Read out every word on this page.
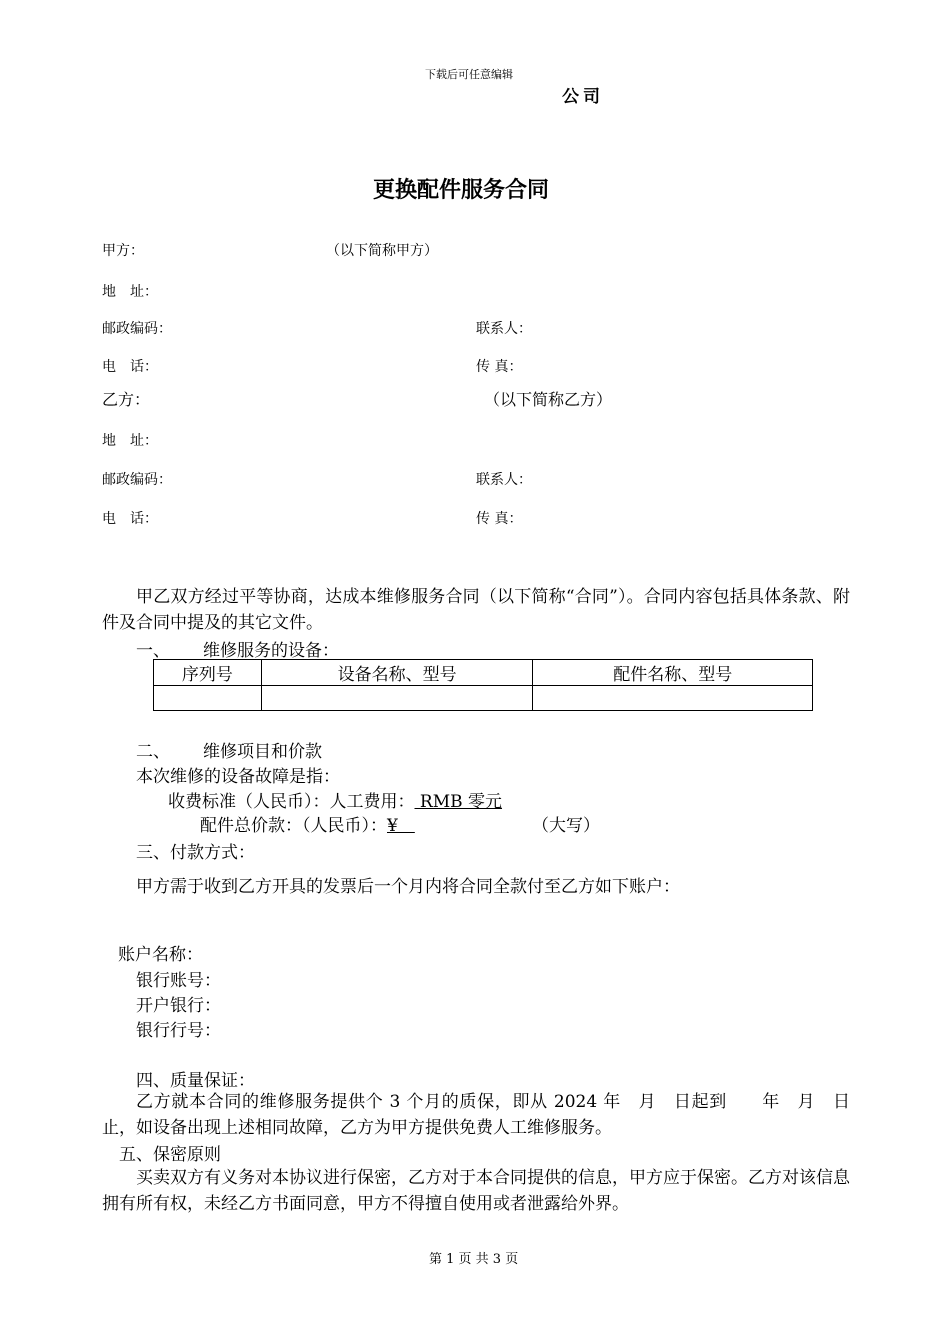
下载后可任意编辑
公司
更换配件服务合同
甲方：	（以下简称甲方）
地　址：
邮政编码：	联系人：
电　话：	传 真：
乙方：	（以下简称乙方）
地　址：
邮政编码：	联系人：
电　话：	传 真：
甲乙双方经过平等协商，达成本维修服务合同（以下简称“合同”）。合同内容包括具体条款、附件及合同中提及的其它文件。
一、 维修服务的设备：
序列号	设备名称、型号	配件名称、型号

二、 维修项目和价款
本次维修的设备故障是指：
收费标准（人民币）：人工费用： RMB 零元
配件总价款：（人民币）：¥　	（大写）
三、付款方式：
甲方需于收到乙方开具的发票后一个月内将合同全款付至乙方如下账户：
账户名称：
银行账号：
开户银行：
银行行号：
四、质量保证：
乙方就本合同的维修服务提供个 3 个月的质保，即从 2024 年　月　日起到　　年　月　日止，如设备出现上述相同故障，乙方为甲方提供免费人工维修服务。
五、保密原则
买卖双方有义务对本协议进行保密，乙方对于本合同提供的信息，甲方应于保密。乙方对该信息拥有所有权，未经乙方书面同意，甲方不得擅自使用或者泄露给外界。
第 1 页 共 3 页
